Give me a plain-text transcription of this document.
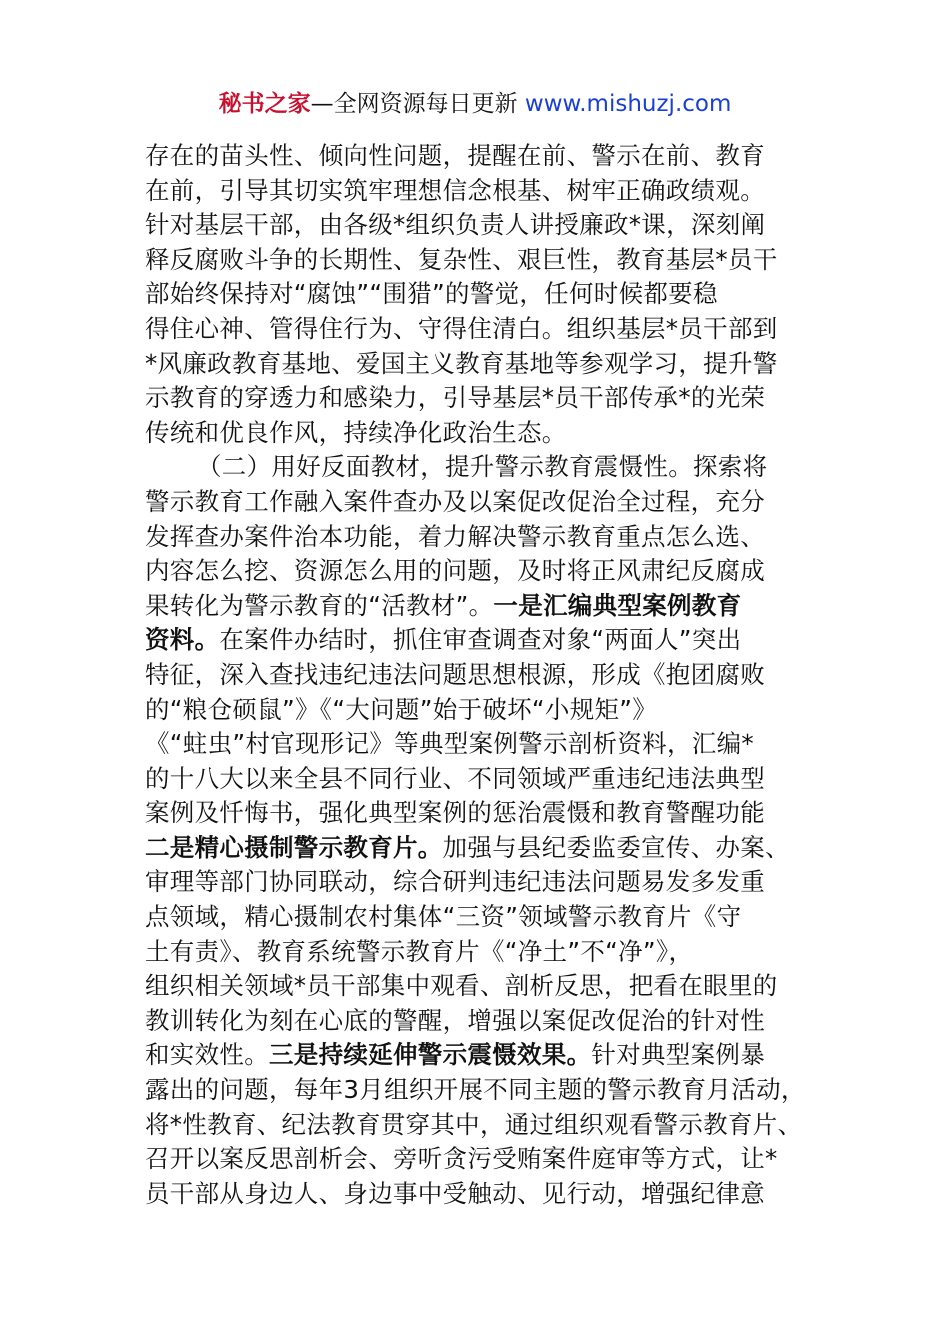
秘书之家—全网资源每日更新 www.mishuzj.com
存在的苗头性、倾向性问题，提醒在前、警示在前、教育
在前，引导其切实筑牢理想信念根基、树牢正确政绩观。
针对基层干部，由各级*组织负责人讲授廉政*课，深刻阐
释反腐败斗争的长期性、复杂性、艰巨性，教育基层*员干
部始终保持对“腐蚀”“围猎”的警觉，任何时候都要稳
得住心神、管得住行为、守得住清白。组织基层*员干部到
*风廉政教育基地、爱国主义教育基地等参观学习，提升警
示教育的穿透力和感染力，引导基层*员干部传承*的光荣
传统和优良作风，持续净化政治生态。
（二）用好反面教材，提升警示教育震慑性。探索将
警示教育工作融入案件查办及以案促改促治全过程，充分
发挥查办案件治本功能，着力解决警示教育重点怎么选、
内容怎么挖、资源怎么用的问题，及时将正风肃纪反腐成
果转化为警示教育的“活教材”。一是汇编典型案例教育
资料。在案件办结时，抓住审查调查对象“两面人”突出
特征，深入查找违纪违法问题思想根源，形成《抱团腐败
的“粮仓硕鼠”》《“大问题”始于破坏“小规矩”》
《“蛀虫”村官现形记》等典型案例警示剖析资料，汇编*
的十八大以来全县不同行业、不同领域严重违纪违法典型
案例及忏悔书，强化典型案例的惩治震慑和教育警醒功能
二是精心摄制警示教育片。加强与县纪委监委宣传、办案、
审理等部门协同联动，综合研判违纪违法问题易发多发重
点领域，精心摄制农村集体“三资”领域警示教育片《守
土有责》、教育系统警示教育片《“净土”不“净”》，
组织相关领域*员干部集中观看、剖析反思，把看在眼里的
教训转化为刻在心底的警醒，增强以案促改促治的针对性
和实效性。三是持续延伸警示震慑效果。针对典型案例暴
露出的问题，每年3月组织开展不同主题的警示教育月活动，
将*性教育、纪法教育贯穿其中，通过组织观看警示教育片、
召开以案反思剖析会、旁听贪污受贿案件庭审等方式，让*
员干部从身边人、身边事中受触动、见行动，增强纪律意
